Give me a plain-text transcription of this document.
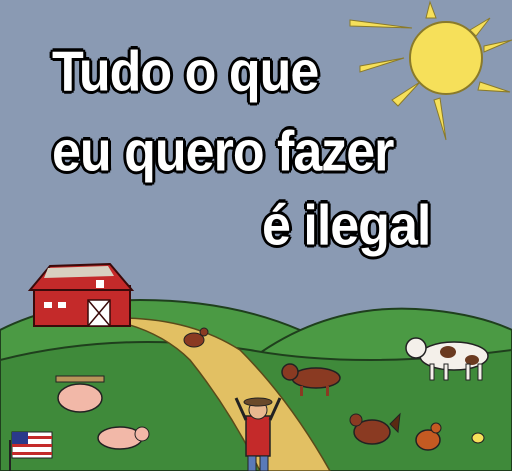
Tudo o que
eu quero fazer
é ilegal
